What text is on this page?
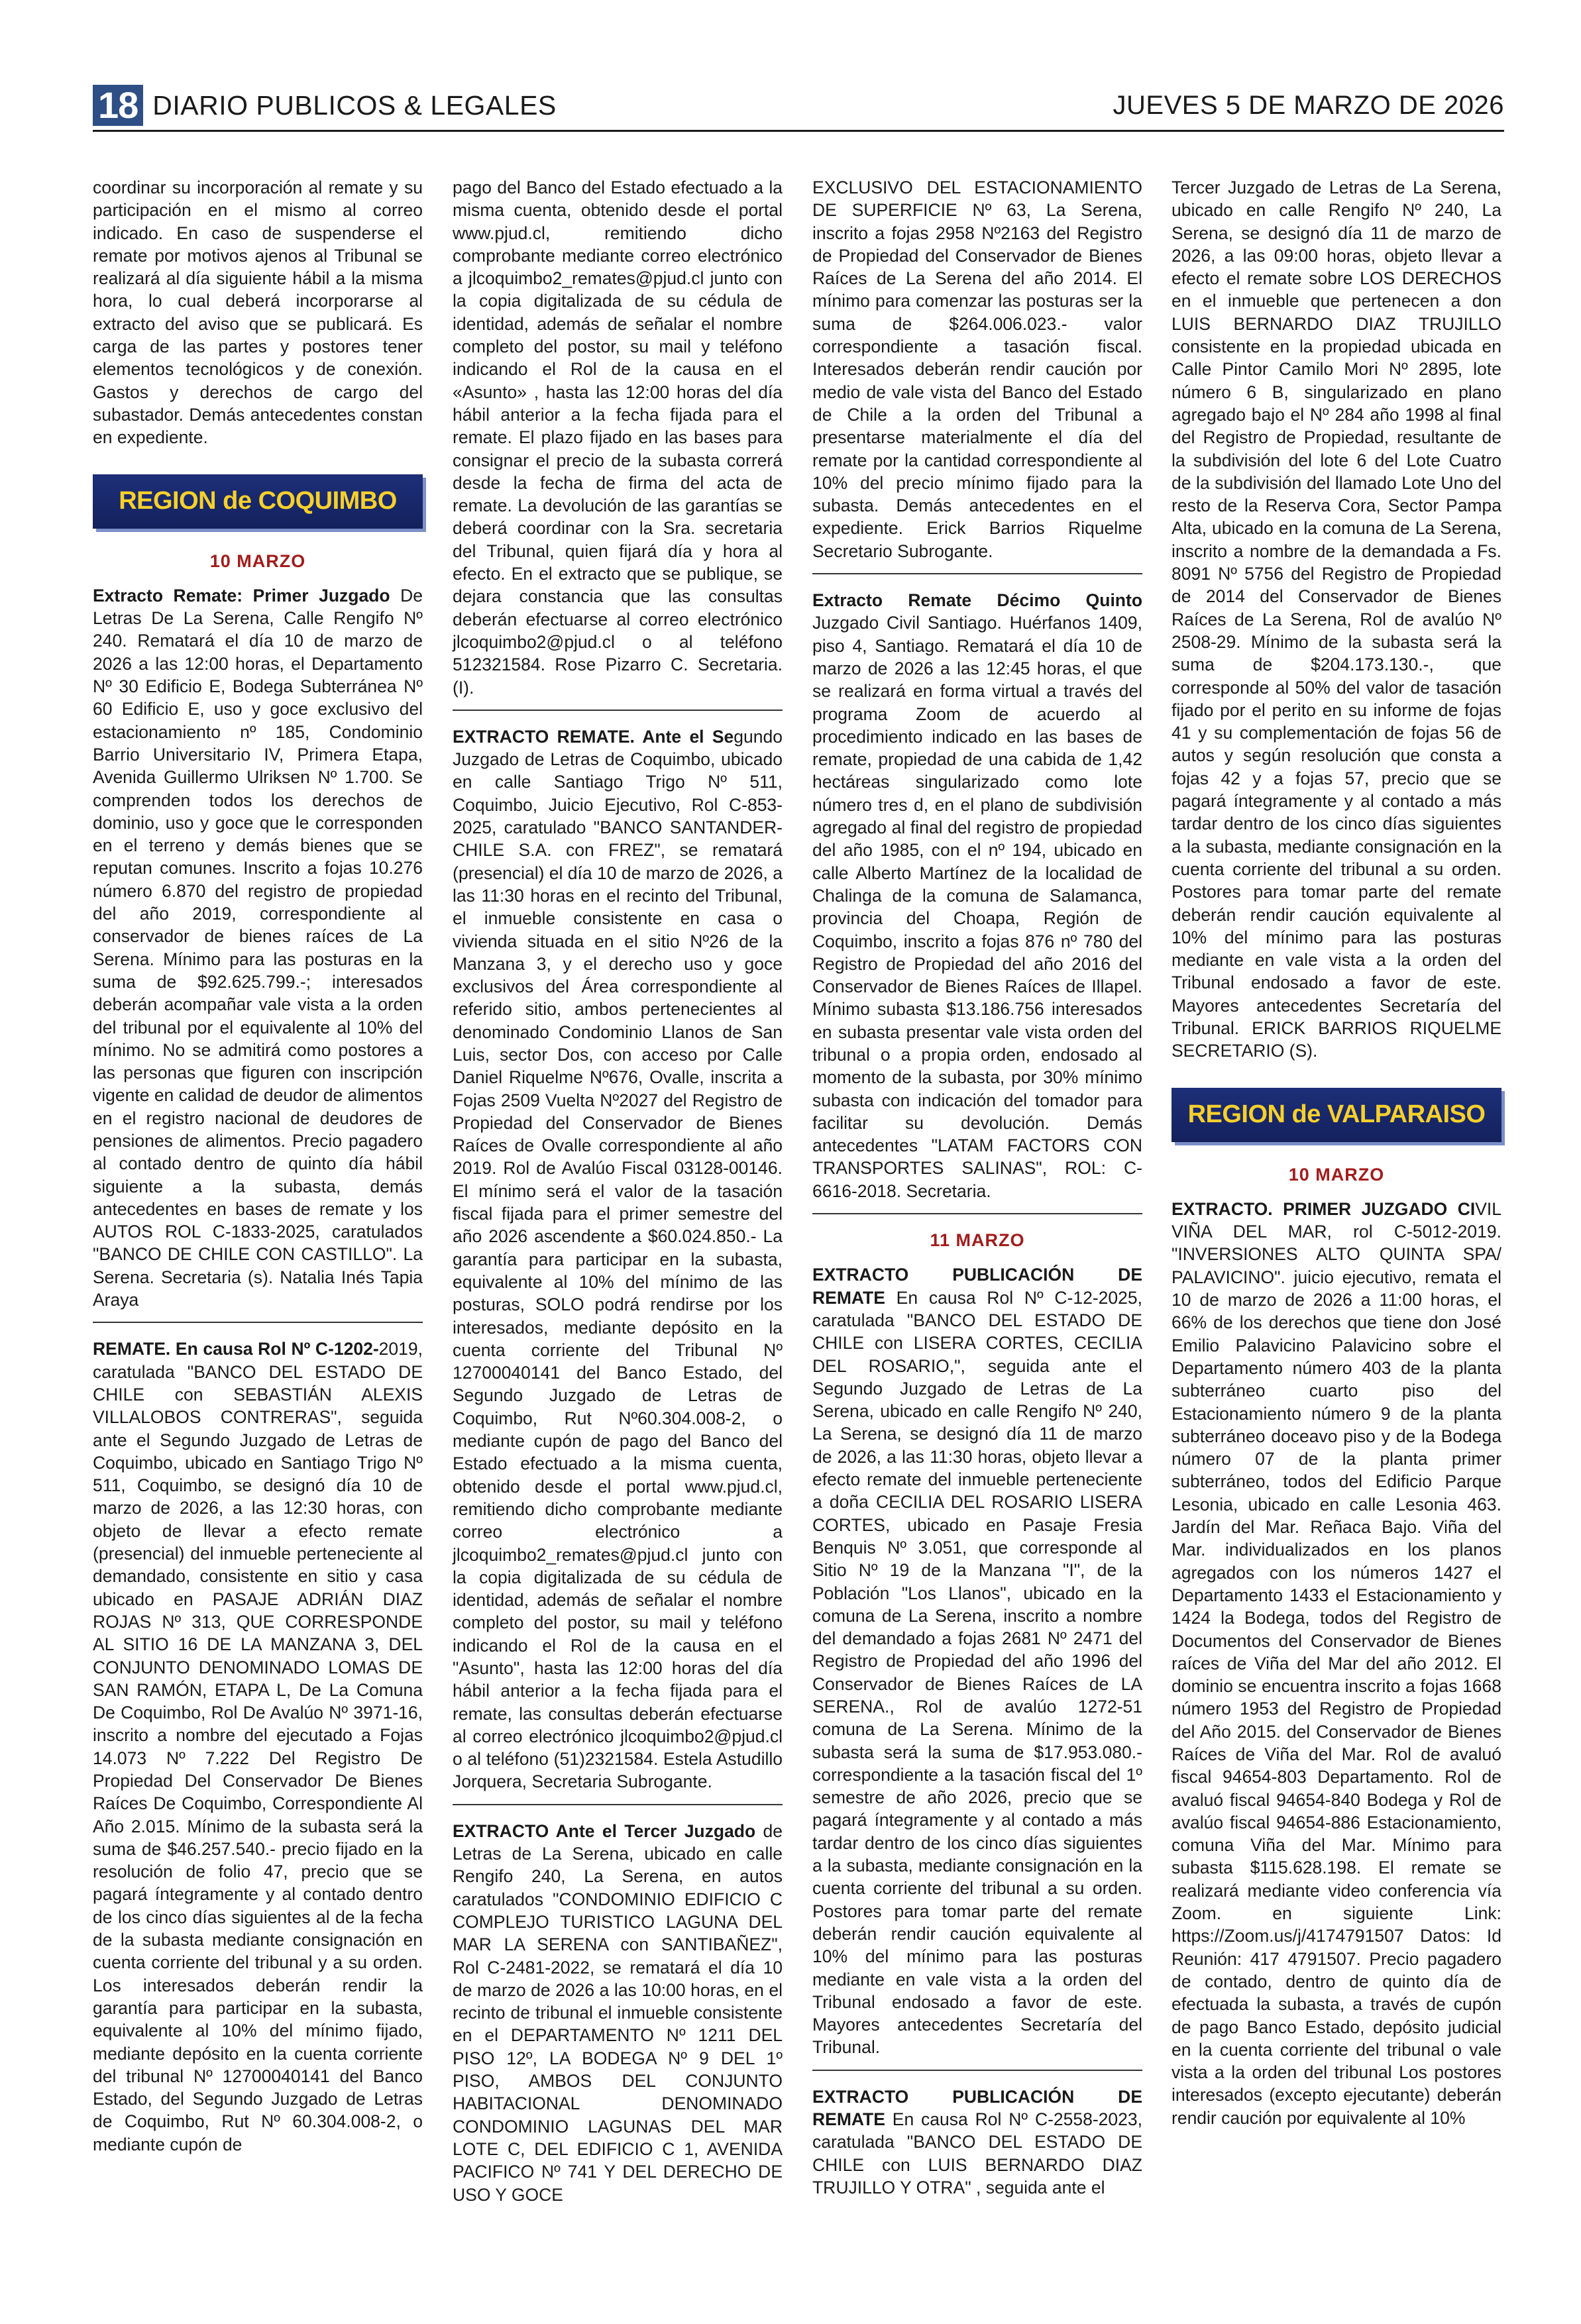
18 DIARIO PUBLICOS & LEGALES	JUEVES 5 DE MARZO DE 2026

coordinar su incorporación al remate y su participación en el mismo al correo indicado. En caso de suspenderse el remate por motivos ajenos al Tribunal se realizará al día siguiente hábil a la misma hora, lo cual deberá incorporarse al extracto del aviso que se publicará. Es carga de las partes y postores tener elementos tecnológicos y de conexión. Gastos y derechos de cargo del subastador. Demás antecedentes constan en expediente.

REGION de COQUIMBO
10 MARZO

Extracto Remate: Primer Juzgado De Letras De La Serena, Calle Rengifo Nº 240. Rematará el día 10 de marzo de 2026 a las 12:00 horas, el Departamento Nº 30 Edificio E, Bodega Subterránea Nº 60 Edificio E, uso y goce exclusivo del estacionamiento nº 185, Condominio Barrio Universitario IV, Primera Etapa, Avenida Guillermo Ulriksen Nº 1.700. Se comprenden todos los derechos de dominio, uso y goce que le corresponden en el terreno y demás bienes que se reputan comunes. Inscrito a fojas 10.276 número 6.870 del registro de propiedad del año 2019, correspondiente al conservador de bienes raíces de La Serena. Mínimo para las posturas en la suma de $92.625.799.-; interesados deberán acompañar vale vista a la orden del tribunal por el equivalente al 10% del mínimo. No se admitirá como postores a las personas que figuren con inscripción vigente en calidad de deudor de alimentos en el registro nacional de deudores de pensiones de alimentos. Precio pagadero al contado dentro de quinto día hábil siguiente a la subasta, demás antecedentes en bases de remate y los AUTOS ROL C-1833-2025, caratulados "BANCO DE CHILE CON CASTILLO". La Serena. Secretaria (s). Natalia Inés Tapia Araya

REMATE. En causa Rol Nº C-1202-2019, caratulada "BANCO DEL ESTADO DE CHILE con SEBASTIÁN ALEXIS VILLALOBOS CONTRERAS", seguida ante el Segundo Juzgado de Letras de Coquimbo, ubicado en Santiago Trigo Nº 511, Coquimbo, se designó día 10 de marzo de 2026, a las 12:30 horas, con objeto de llevar a efecto remate (presencial) del inmueble perteneciente al demandado, consistente en sitio y casa ubicado en PASAJE ADRIÁN DIAZ ROJAS Nº 313, QUE CORRESPONDE AL SITIO 16 DE LA MANZANA 3, DEL CONJUNTO DENOMINADO LOMAS DE SAN RAMÓN, ETAPA L, De La Comuna De Coquimbo, Rol De Avalúo Nº 3971-16, inscrito a nombre del ejecutado a Fojas 14.073 Nº 7.222 Del Registro De Propiedad Del Conservador De Bienes Raíces De Coquimbo, Correspondiente Al Año 2.015. Mínimo de la subasta será la suma de $46.257.540.- precio fijado en la resolución de folio 47, precio que se pagará íntegramente y al contado dentro de los cinco días siguientes al de la fecha de la subasta mediante consignación en cuenta corriente del tribunal y a su orden. Los interesados deberán rendir la garantía para participar en la subasta, equivalente al 10% del mínimo fijado, mediante depósito en la cuenta corriente del tribunal Nº 12700040141 del Banco Estado, del Segundo Juzgado de Letras de Coquimbo, Rut Nº 60.304.008-2, o mediante cupón de

pago del Banco del Estado efectuado a la misma cuenta, obtenido desde el portal www.pjud.cl, remitiendo dicho comprobante mediante correo electrónico a jlcoquimbo2_remates@pjud.cl junto con la copia digitalizada de su cédula de identidad, además de señalar el nombre completo del postor, su mail y teléfono indicando el Rol de la causa en el «Asunto» , hasta las 12:00 horas del día hábil anterior a la fecha fijada para el remate. El plazo fijado en las bases para consignar el precio de la subasta correrá desde la fecha de firma del acta de remate. La devolución de las garantías se deberá coordinar con la Sra. secretaria del Tribunal, quien fijará día y hora al efecto. En el extracto que se publique, se dejara constancia que las consultas deberán efectuarse al correo electrónico jlcoquimbo2@pjud.cl o al teléfono 512321584. Rose Pizarro C. Secretaria. (I).

EXTRACTO REMATE. Ante el Segundo Juzgado de Letras de Coquimbo, ubicado en calle Santiago Trigo Nº 511, Coquimbo, Juicio Ejecutivo, Rol C-853-2025, caratulado "BANCO SANTANDER-CHILE S.A. con FREZ", se rematará (presencial) el día 10 de marzo de 2026, a las 11:30 horas en el recinto del Tribunal, el inmueble consistente en casa o vivienda situada en el sitio Nº26 de la Manzana 3, y el derecho uso y goce exclusivos del Área correspondiente al referido sitio, ambos pertenecientes al denominado Condominio Llanos de San Luis, sector Dos, con acceso por Calle Daniel Riquelme Nº676, Ovalle, inscrita a Fojas 2509 Vuelta Nº2027 del Registro de Propiedad del Conservador de Bienes Raíces de Ovalle correspondiente al año 2019. Rol de Avalúo Fiscal 03128-00146. El mínimo será el valor de la tasación fiscal fijada para el primer semestre del año 2026 ascendente a $60.024.850.- La garantía para participar en la subasta, equivalente al 10% del mínimo de las posturas, SOLO podrá rendirse por los interesados, mediante depósito en la cuenta corriente del Tribunal Nº 12700040141 del Banco Estado, del Segundo Juzgado de Letras de Coquimbo, Rut Nº60.304.008-2, o mediante cupón de pago del Banco del Estado efectuado a la misma cuenta, obtenido desde el portal www.pjud.cl, remitiendo dicho comprobante mediante correo electrónico a jlcoquimbo2_remates@pjud.cl junto con la copia digitalizada de su cédula de identidad, además de señalar el nombre completo del postor, su mail y teléfono indicando el Rol de la causa en el "Asunto", hasta las 12:00 horas del día hábil anterior a la fecha fijada para el remate, las consultas deberán efectuarse al correo electrónico jlcoquimbo2@pjud.cl o al teléfono (51)2321584. Estela Astudillo Jorquera, Secretaria Subrogante.

EXTRACTO Ante el Tercer Juzgado de Letras de La Serena, ubicado en calle Rengifo 240, La Serena, en autos caratulados "CONDOMINIO EDIFICIO C COMPLEJO TURISTICO LAGUNA DEL MAR LA SERENA con SANTIBAÑEZ", Rol C-2481-2022, se rematará el día 10 de marzo de 2026 a las 10:00 horas, en el recinto de tribunal el inmueble consistente en el DEPARTAMENTO Nº 1211 DEL PISO 12º, LA BODEGA Nº 9 DEL 1º PISO, AMBOS DEL CONJUNTO HABITACIONAL DENOMINADO CONDOMINIO LAGUNAS DEL MAR LOTE C, DEL EDIFICIO C 1, AVENIDA PACIFICO Nº 741 Y DEL DERECHO DE USO Y GOCE

EXCLUSIVO DEL ESTACIONAMIENTO DE SUPERFICIE Nº 63, La Serena, inscrito a fojas 2958 Nº2163 del Registro de Propiedad del Conservador de Bienes Raíces de La Serena del año 2014. El mínimo para comenzar las posturas ser la suma de $264.006.023.- valor correspondiente a tasación fiscal. Interesados deberán rendir caución por medio de vale vista del Banco del Estado de Chile a la orden del Tribunal a presentarse materialmente el día del remate por la cantidad correspondiente al 10% del precio mínimo fijado para la subasta. Demás antecedentes en el expediente. Erick Barrios Riquelme Secretario Subrogante.

Extracto Remate Décimo Quinto Juzgado Civil Santiago. Huérfanos 1409, piso 4, Santiago. Rematará el día 10 de marzo de 2026 a las 12:45 horas, el que se realizará en forma virtual a través del programa Zoom de acuerdo al procedimiento indicado en las bases de remate, propiedad de una cabida de 1,42 hectáreas singularizado como lote número tres d, en el plano de subdivisión agregado al final del registro de propiedad del año 1985, con el nº 194, ubicado en calle Alberto Martínez de la localidad de Chalinga de la comuna de Salamanca, provincia del Choapa, Región de Coquimbo, inscrito a fojas 876 nº 780 del Registro de Propiedad del año 2016 del Conservador de Bienes Raíces de Illapel. Mínimo subasta $13.186.756 interesados en subasta presentar vale vista orden del tribunal o a propia orden, endosado al momento de la subasta, por 30% mínimo subasta con indicación del tomador para facilitar su devolución. Demás antecedentes "LATAM FACTORS CON TRANSPORTES SALINAS", ROL: C-6616-2018. Secretaria.

11 MARZO

EXTRACTO PUBLICACIÓN DE REMATE En causa Rol Nº C-12-2025, caratulada "BANCO DEL ESTADO DE CHILE con LISERA CORTES, CECILIA DEL ROSARIO,", seguida ante el Segundo Juzgado de Letras de La Serena, ubicado en calle Rengifo Nº 240, La Serena, se designó día 11 de marzo de 2026, a las 11:30 horas, objeto llevar a efecto remate del inmueble perteneciente a doña CECILIA DEL ROSARIO LISERA CORTES, ubicado en Pasaje Fresia Benquis Nº 3.051, que corresponde al Sitio Nº 19 de la Manzana "I", de la Población "Los Llanos", ubicado en la comuna de La Serena, inscrito a nombre del demandado a fojas 2681 Nº 2471 del Registro de Propiedad del año 1996 del Conservador de Bienes Raíces de LA SERENA., Rol de avalúo 1272-51 comuna de La Serena. Mínimo de la subasta será la suma de $17.953.080.- correspondiente a la tasación fiscal del 1º semestre de año 2026, precio que se pagará íntegramente y al contado a más tardar dentro de los cinco días siguientes a la subasta, mediante consignación en la cuenta corriente del tribunal a su orden. Postores para tomar parte del remate deberán rendir caución equivalente al 10% del mínimo para las posturas mediante en vale vista a la orden del Tribunal endosado a favor de este. Mayores antecedentes Secretaría del Tribunal.

EXTRACTO PUBLICACIÓN DE REMATE En causa Rol Nº C-2558-2023, caratulada "BANCO DEL ESTADO DE CHILE con LUIS BERNARDO DIAZ TRUJILLO Y OTRA" , seguida ante el

Tercer Juzgado de Letras de La Serena, ubicado en calle Rengifo Nº 240, La Serena, se designó día 11 de marzo de 2026, a las 09:00 horas, objeto llevar a efecto el remate sobre LOS DERECHOS en el inmueble que pertenecen a don LUIS BERNARDO DIAZ TRUJILLO consistente en la propiedad ubicada en Calle Pintor Camilo Mori Nº 2895, lote número 6 B, singularizado en plano agregado bajo el Nº 284 año 1998 al final del Registro de Propiedad, resultante de la subdivisión del lote 6 del Lote Cuatro de la subdivisión del llamado Lote Uno del resto de la Reserva Cora, Sector Pampa Alta, ubicado en la comuna de La Serena, inscrito a nombre de la demandada a Fs. 8091 Nº 5756 del Registro de Propiedad de 2014 del Conservador de Bienes Raíces de La Serena, Rol de avalúo Nº 2508-29. Mínimo de la subasta será la suma de $204.173.130.-, que corresponde al 50% del valor de tasación fijado por el perito en su informe de fojas 41 y su complementación de fojas 56 de autos y según resolución que consta a fojas 42 y a fojas 57, precio que se pagará íntegramente y al contado a más tardar dentro de los cinco días siguientes a la subasta, mediante consignación en la cuenta corriente del tribunal a su orden. Postores para tomar parte del remate deberán rendir caución equivalente al 10% del mínimo para las posturas mediante en vale vista a la orden del Tribunal endosado a favor de este. Mayores antecedentes Secretaría del Tribunal. ERICK BARRIOS RIQUELME SECRETARIO (S).

REGION de VALPARAISO
10 MARZO

EXTRACTO. PRIMER JUZGADO CIVIL VIÑA DEL MAR, rol C-5012-2019. "INVERSIONES ALTO QUINTA SPA/ PALAVICINO". juicio ejecutivo, remata el 10 de marzo de 2026 a 11:00 horas, el 66% de los derechos que tiene don José Emilio Palavicino Palavicino sobre el Departamento número 403 de la planta subterráneo cuarto piso del Estacionamiento número 9 de la planta subterráneo doceavo piso y de la Bodega número 07 de la planta primer subterráneo, todos del Edificio Parque Lesonia, ubicado en calle Lesonia 463. Jardín del Mar. Reñaca Bajo. Viña del Mar. individualizados en los planos agregados con los números 1427 el Departamento 1433 el Estacionamiento y 1424 la Bodega, todos del Registro de Documentos del Conservador de Bienes raíces de Viña del Mar del año 2012. El dominio se encuentra inscrito a fojas 1668 número 1953 del Registro de Propiedad del Año 2015. del Conservador de Bienes Raíces de Viña del Mar. Rol de avaluó fiscal 94654-803 Departamento. Rol de avaluó fiscal 94654-840 Bodega y Rol de avalúo fiscal 94654-886 Estacionamiento, comuna Viña del Mar. Mínimo para subasta $115.628.198. El remate se realizará mediante video conferencia vía Zoom. en siguiente Link: https://Zoom.us/j/4174791507 Datos: Id Reunión: 417 4791507. Precio pagadero de contado, dentro de quinto día de efectuada la subasta, a través de cupón de pago Banco Estado, depósito judicial en la cuenta corriente del tribunal o vale vista a la orden del tribunal Los postores interesados (excepto ejecutante) deberán rendir caución por equivalente al 10%
